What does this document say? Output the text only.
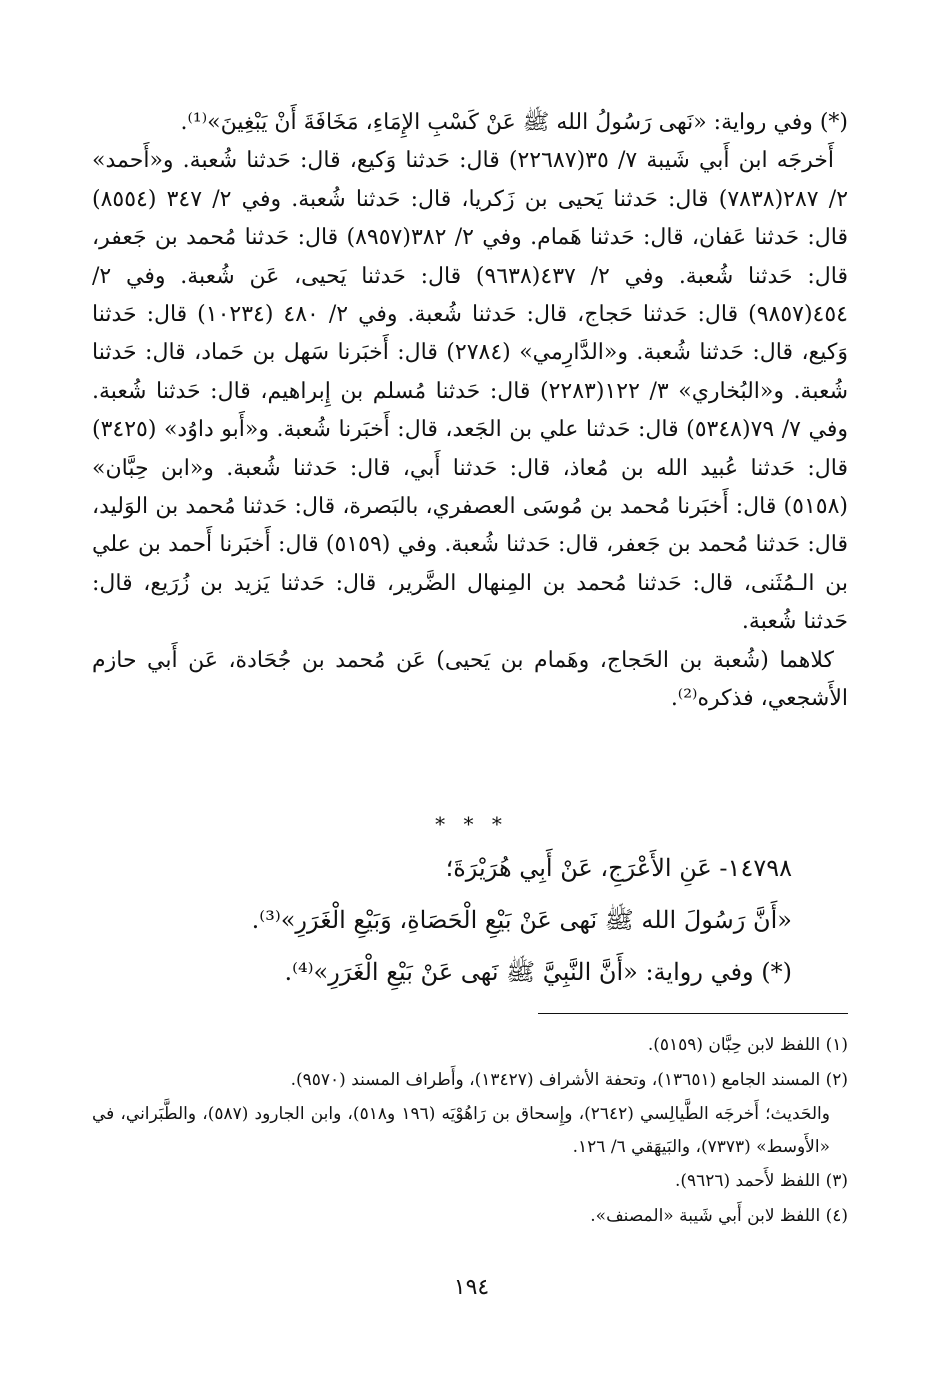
(*) وفي رواية: «نَهى رَسُولُ الله ﷺ عَنْ كَسْبِ الإِمَاءِ، مَخَافَةَ أَنْ يَبْغِينَ»⁽¹⁾.

أَخرجَه ابن أَبي شَيبة ٧/ ٣٥(٢٢٦٨٧) قال: حَدثنا وَكيع، قال: حَدثنا شُعبة. و«أَحمد» ٢/ ٢٨٧(٧٨٣٨) قال: حَدثنا يَحيى بن زَكريا، قال: حَدثنا شُعبة. وفي ٢/ ٣٤٧ (٨٥٥٤) قال: حَدثنا عَفان، قال: حَدثنا هَمام. وفي ٢/ ٣٨٢(٨٩٥٧) قال: حَدثنا مُحمد بن جَعفر، قال: حَدثنا شُعبة. وفي ٢/ ٤٣٧(٩٦٣٨) قال: حَدثنا يَحيى، عَن شُعبة. وفي ٢/ ٤٥٤(٩٨٥٧) قال: حَدثنا حَجاج، قال: حَدثنا شُعبة. وفي ٢/ ٤٨٠ (١٠٢٣٤) قال: حَدثنا وَكيع، قال: حَدثنا شُعبة. و«الدَّارِمي» (٢٧٨٤) قال: أَخبَرنا سَهل بن حَماد، قال: حَدثنا شُعبة. و«البُخاري» ٣/ ١٢٢(٢٢٨٣) قال: حَدثنا مُسلم بن إِبراهيم، قال: حَدثنا شُعبة. وفي ٧/ ٧٩(٥٣٤٨) قال: حَدثنا علي بن الجَعد، قال: أَخبَرنا شُعبة. و«أَبو داوُد» (٣٤٢٥) قال: حَدثنا عُبيد الله بن مُعاذ، قال: حَدثنا أَبي، قال: حَدثنا شُعبة. و«ابن حِبَّان» (٥١٥٨) قال: أَخبَرنا مُحمد بن مُوسَى العصفري، بالبَصرة، قال: حَدثنا مُحمد بن الوَليد، قال: حَدثنا مُحمد بن جَعفر، قال: حَدثنا شُعبة. وفي (٥١٥٩) قال: أَخبَرنا أَحمد بن علي بن الـمُثَنى، قال: حَدثنا مُحمد بن المِنهال الضَّرير، قال: حَدثنا يَزيد بن زُرَيع، قال: حَدثنا شُعبة.

كلاهما (شُعبة بن الحَجاج، وهَمام بن يَحيى) عَن مُحمد بن جُحَادة، عَن أَبي حازم الأَشجعي، فذكره⁽²⁾.

* * *

١٤٧٩٨- عَنِ الأَعْرَجِ، عَنْ أَبِي هُرَيْرَةَ؛

«أَنَّ رَسُولَ الله ﷺ نَهى عَنْ بَيْعِ الْحَصَاةِ، وَبَيْعِ الْغَرَرِ»⁽³⁾.

(*) وفي رواية: «أَنَّ النَّبِيَّ ﷺ نَهى عَنْ بَيْعِ الْغَرَرِ»⁽⁴⁾.

(١) اللفظ لابن حِبَّان (٥١٥٩).

(٢) المسند الجامع (١٣٦٥١)، وتحفة الأشراف (١٣٤٢٧)، وأَطراف المسند (٩٥٧٠).

والحَديث؛ أَخرجَه الطَّيالِسي (٢٦٤٢)، وإِسحاق بن رَاهُوْيَه (١٩٦ و٥١٨)، وابن الجارود (٥٨٧)، والطَّبَراني، في «الأَوسط» (٧٣٧٣)، والبَيهَقي ٦/ ١٢٦.

(٣) اللفظ لأَحمد (٩٦٢٦).

(٤) اللفظ لابن أَبي شَيبة «المصنف».

١٩٤
